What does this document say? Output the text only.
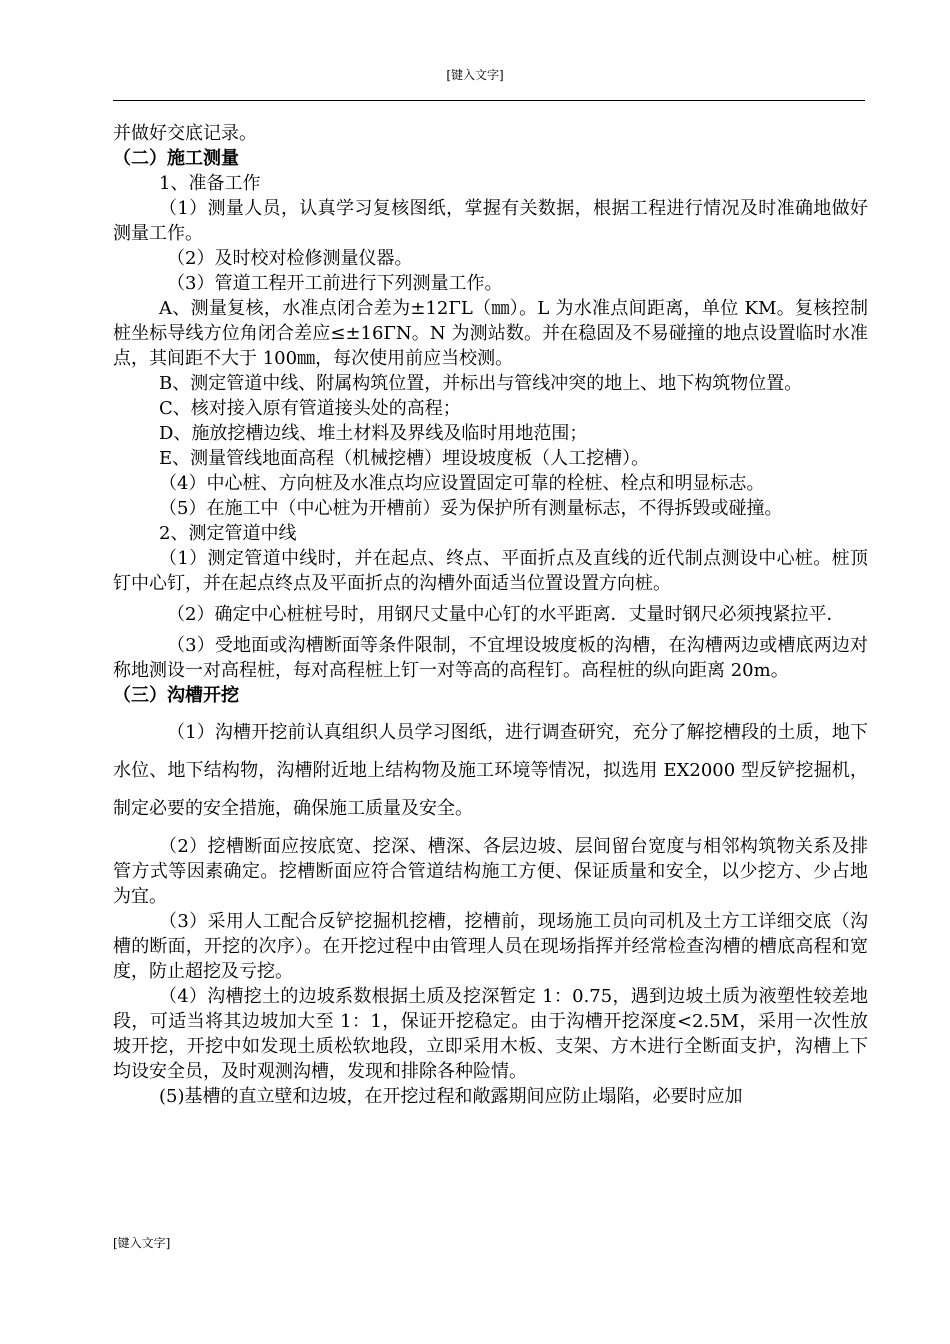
[键入文字]

并做好交底记录。

（二）施工测量

1、准备工作

（1）测量人员，认真学习复核图纸，掌握有关数据，根据工程进行情况及时准确地做好测量工作。

（2）及时校对检修测量仪器。

（3）管道工程开工前进行下列测量工作。

A、测量复核，水准点闭合差为±12ΓL（㎜）。L 为水准点间距离，单位 KM。复核控制桩坐标导线方位角闭合差应≤±16ΓN。N 为测站数。并在稳固及不易碰撞的地点设置临时水准点，其间距不大于 100㎜，每次使用前应当校测。

B、测定管道中线、附属构筑位置，并标出与管线冲突的地上、地下构筑物位置。

C、核对接入原有管道接头处的高程；

D、施放挖槽边线、堆土材料及界线及临时用地范围；

E、测量管线地面高程（机械挖槽）埋设坡度板（人工挖槽）。

（4）中心桩、方向桩及水准点均应设置固定可靠的栓桩、栓点和明显标志。

（5）在施工中（中心桩为开槽前）妥为保护所有测量标志，不得拆毁或碰撞。

2、测定管道中线

（1）测定管道中线时，并在起点、终点、平面折点及直线的近代制点测设中心桩。桩顶钉中心钉，并在起点终点及平面折点的沟槽外面适当位置设置方向桩。

（2）确定中心桩桩号时，用钢尺丈量中心钉的水平距离．丈量时钢尺必须拽紧拉平．

（3）受地面或沟槽断面等条件限制，不宜埋设坡度板的沟槽，在沟槽两边或槽底两边对称地测设一对高程桩，每对高程桩上钉一对等高的高程钉。高程桩的纵向距离 20m。

（三）沟槽开挖

（1）沟槽开挖前认真组织人员学习图纸，进行调查研究，充分了解挖槽段的土质，地下水位、地下结构物，沟槽附近地上结构物及施工环境等情况，拟选用 EX2000 型反铲挖掘机，制定必要的安全措施，确保施工质量及安全。

（2）挖槽断面应按底宽、挖深、槽深、各层边坡、层间留台宽度与相邻构筑物关系及排管方式等因素确定。挖槽断面应符合管道结构施工方便、保证质量和安全，以少挖方、少占地为宜。

（3）采用人工配合反铲挖掘机挖槽，挖槽前，现场施工员向司机及土方工详细交底（沟槽的断面，开挖的次序）。在开挖过程中由管理人员在现场指挥并经常检查沟槽的槽底高程和宽度，防止超挖及亏挖。

（4）沟槽挖土的边坡系数根据土质及挖深暂定 1：0.75，遇到边坡土质为液塑性较差地段，可适当将其边坡加大至 1：1，保证开挖稳定。由于沟槽开挖深度<2.5M，采用一次性放坡开挖，开挖中如发现土质松软地段，立即采用木板、支架、方木进行全断面支护，沟槽上下均设安全员，及时观测沟槽，发现和排除各种险情。

(5)基槽的直立壁和边坡，在开挖过程和敞露期间应防止塌陷，必要时应加

[键入文字]
